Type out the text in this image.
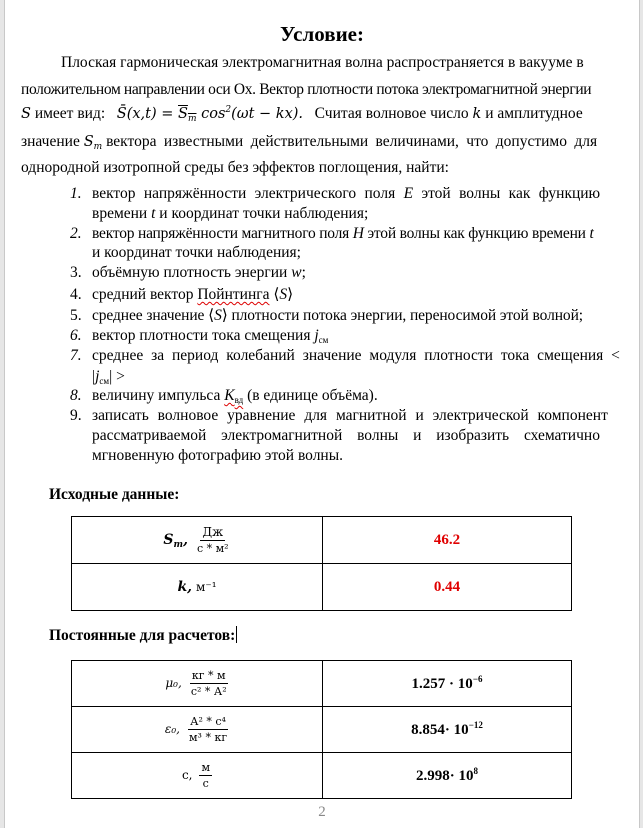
Условие:
Плоская гармоническая электромагнитная волна распространяется в вакууме в
положительном направлении оси Ох. Вектор плотности потока электромагнитной энергии
S имеет вид: S̄(x,t) = $S_m$ $\cos^2(\omega t - kx)$. Считая волновое число k и амплитудное
значение $S_m$ вектора известными действительными величинами, что допустимо для
однородной изотропной среды без эффектов поглощения, найти:
1. вектор напряжённости электрического поля E этой волны как функцию
времени t и координат точки наблюдения;
2. вектор напряжённости магнитного поля H этой волны как функцию времени t
и координат точки наблюдения;
3. объёмную плотность энергии w;
4. средний вектор Пойнтинга ⟨S⟩
5. среднее значение ⟨S⟩ плотности потока энергии, переносимой этой волной;
6. вектор плотности тока смещения $j_{см}$
7. среднее за период колебаний значение модуля плотности тока смещения <
$|j_{см}|$ >
8. величину импульса $K_{вд}$ (в единице объёма).
9. записать волновое уравнение для магнитной и электрической компонент
рассматриваемой электромагнитной волны и изобразить схематично
мгновенную фотографию этой волны.
Исходные данные:
$S_m$, $\frac{Дж}{\text{с * м²}}$	46.2
k, м⁻¹	0.44
Постоянные для расчетов:
μ₀, $\frac{кг * м}{\text{с² * А²}}$	$1.257 \cdot 10^{-6}$
ε₀, $\frac{\text{А² * с⁴}}{\text{м³ * кг}}$	$8.854\cdot 10^{-12}$
с, $\frac{м}{с}$	$2.998\cdot 10^8$
2
